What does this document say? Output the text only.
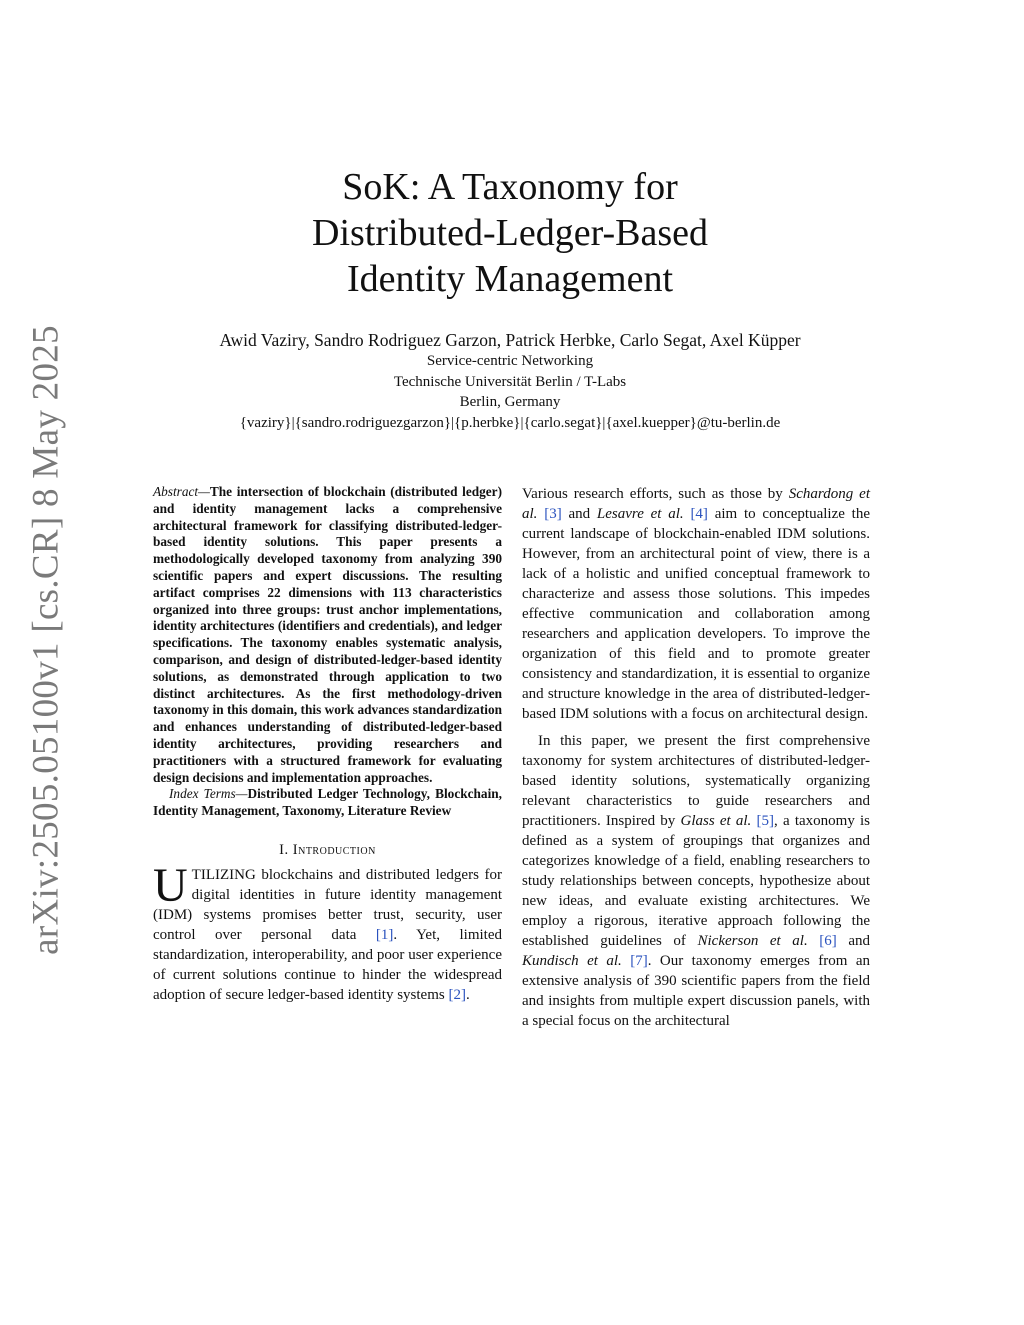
arXiv:2505.05100v1 [cs.CR] 8 May 2025
SoK: A Taxonomy for
Distributed-Ledger-Based
Identity Management
Awid Vaziry, Sandro Rodriguez Garzon, Patrick Herbke, Carlo Segat, Axel Küpper
Service-centric Networking
Technische Universität Berlin / T-Labs
Berlin, Germany
{vaziry}|{sandro.rodriguezgarzon}|{p.herbke}|{carlo.segat}|{axel.kuepper}@tu-berlin.de
Abstract—The intersection of blockchain (distributed ledger) and identity management lacks a comprehensive architectural framework for classifying distributed-ledger-based identity solutions. This paper presents a methodologically developed taxonomy from analyzing 390 scientific papers and expert discussions. The resulting artifact comprises 22 dimensions with 113 characteristics organized into three groups: trust anchor implementations, identity architectures (identifiers and credentials), and ledger specifications. The taxonomy enables systematic analysis, comparison, and design of distributed-ledger-based identity solutions, as demonstrated through application to two distinct architectures. As the first methodology-driven taxonomy in this domain, this work advances standardization and enhances understanding of distributed-ledger-based identity architectures, providing researchers and practitioners with a structured framework for evaluating design decisions and implementation approaches.
Index Terms—Distributed Ledger Technology, Blockchain, Identity Management, Taxonomy, Literature Review
I. Introduction
UTILIZING blockchains and distributed ledgers for digital identities in future identity management (IDM) systems promises better trust, security, user control over personal data [1]. Yet, limited standardization, interoperability, and poor user experience of current solutions continue to hinder the widespread adoption of secure ledger-based identity systems [2].
Various research efforts, such as those by Schardong et al. [3] and Lesavre et al. [4] aim to conceptualize the current landscape of blockchain-enabled IDM solutions. However, from an architectural point of view, there is a lack of a holistic and unified conceptual framework to characterize and assess those solutions. This impedes effective communication and collaboration among researchers and application developers. To improve the organization of this field and to promote greater consistency and standardization, it is essential to organize and structure knowledge in the area of distributed-ledger-based IDM solutions with a focus on architectural design.
In this paper, we present the first comprehensive taxonomy for system architectures of distributed-ledger-based identity solutions, systematically organizing relevant characteristics to guide researchers and practitioners. Inspired by Glass et al. [5], a taxonomy is defined as a system of groupings that organizes and categorizes knowledge of a field, enabling researchers to study relationships between concepts, hypothesize about new ideas, and evaluate existing architectures. We employ a rigorous, iterative approach following the established guidelines of Nickerson et al. [6] and Kundisch et al. [7]. Our taxonomy emerges from an extensive analysis of 390 scientific papers from the field and insights from multiple expert discussion panels, with a special focus on the architectural
